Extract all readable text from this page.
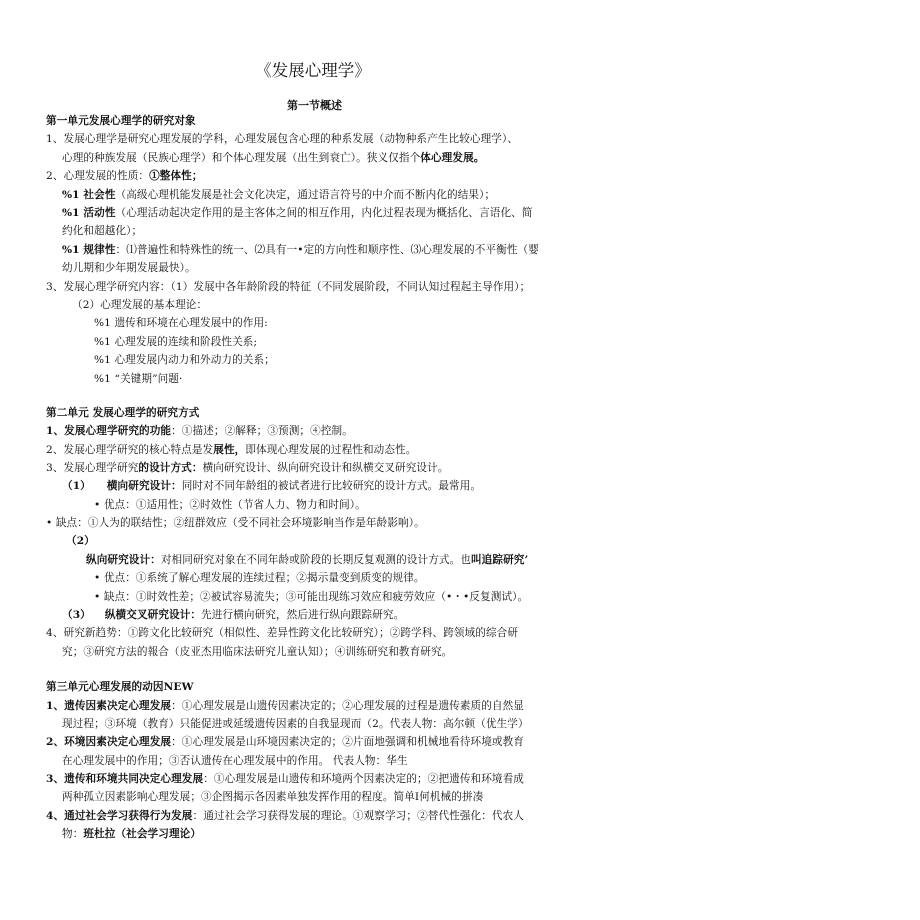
《发展心理学》
第一节概述
第一单元发展心理学的研究对象
1、发展心理学是研究心理发展的学科，心理发展包含心理的种系发展（动物种系产生比较心理学）、
心理的种族发展（民族心理学）和个体心理发展（出生到衰亡）。狭义仅指个体心理发展。
2、心理发展的性质：①整体性；
%1 社会性（高级心理机能发展是社会文化决定，通过语言符号的中介而不断内化的结果）；
%1 活动性（心理活动起决定作用的是主客体之间的相互作用，内化过程表现为概括化、言语化、简
约化和超越化）；
%1 规律性：⑴普遍性和特殊性的统一、⑵具有一•定的方向性和顺序性、⑶心理发展的不平衡性（婴
幼儿期和少年期发展最快）。
3、发展心理学研究内容：（1）发展中各年龄阶段的特征（不同发展阶段，不同认知过程起主导作用）；
（2）心理发展的基本理论：
%1 遗传和环境在心理发展中的作用:
%1 心理发展的连续和阶段性关系;
%1 心理发展内动力和外动力的关系；
%1 “关键期”问题·
第二单元 发展心理学的研究方式
1、发展心理学研究的功能：①描述；②解释；③预测；④控制。
2、发展心理学研究的核心特点是发展性，即体现心理发展的过程性和动态性。
3、发展心理学研究的设计方式：横向研究设计、纵向研究设计和纵横交叉研究设计。
（1） 横向研究设计：同时对不同年龄组的被试者进行比较研究的设计方式。最常用。
• 优点：①适用性；②时效性（节省人力、物力和时间）。
• 缺点：①人为的联结性；②纽群效应（受不同社会环境影响当作是年龄影响）。
（2）
纵向研究设计：对相同研究对象在不同年龄或阶段的长期反复观测的设计方式。也叫追踪研究’
• 优点：①系统了解心理发展的连续过程；②揭示量变到质变的规律。
• 缺点：①时效性差；②被试容易流失；③可能出现练习效应和疲劳效应（•・•反复测试）。
（3） 纵横交叉研究设计：先进行横向研究，然后进行纵向跟踪研究。
4、研究新趋势：①跨文化比较研究（相似性、差异性跨文化比较研究）；②跨学科、跨领域的综合研
究；③研究方法的報合（皮亚杰用临床法研究儿童认知）；④训练研究和教育研究。
第三单元心理发展的动因NEW
1、遗传因素决定心理发展：①心理发展是山遗传因素决定的；②心理发展的过程是遗传素质的自然显
现过程；③环境（教育）只能促进或延缓遗传因素的自我显现而（2。代表人物：高尔顿（优生学）
2、环境因素决定心理发展：①心理发展是山环境因素决定的；②片面地强调和机械地看待环境或教育
在心理发展中的作用；③否认遗传在心理发展中的作用。 代表人物：华生
3、遗传和环境共同决定心理发展：①心理发展是山遗传和环境两个因素决定的；②把遗传和环境看成
两种孤立因素影响心理发展；③企图揭示各因素单独发挥作用的程度。简单I何机械的拼凑
4、通过社会学习获得行为发展：通过社会学习获得发展的理论。①观察学习；②替代性强化：代农人
物：班杜拉（社会学习理论）
